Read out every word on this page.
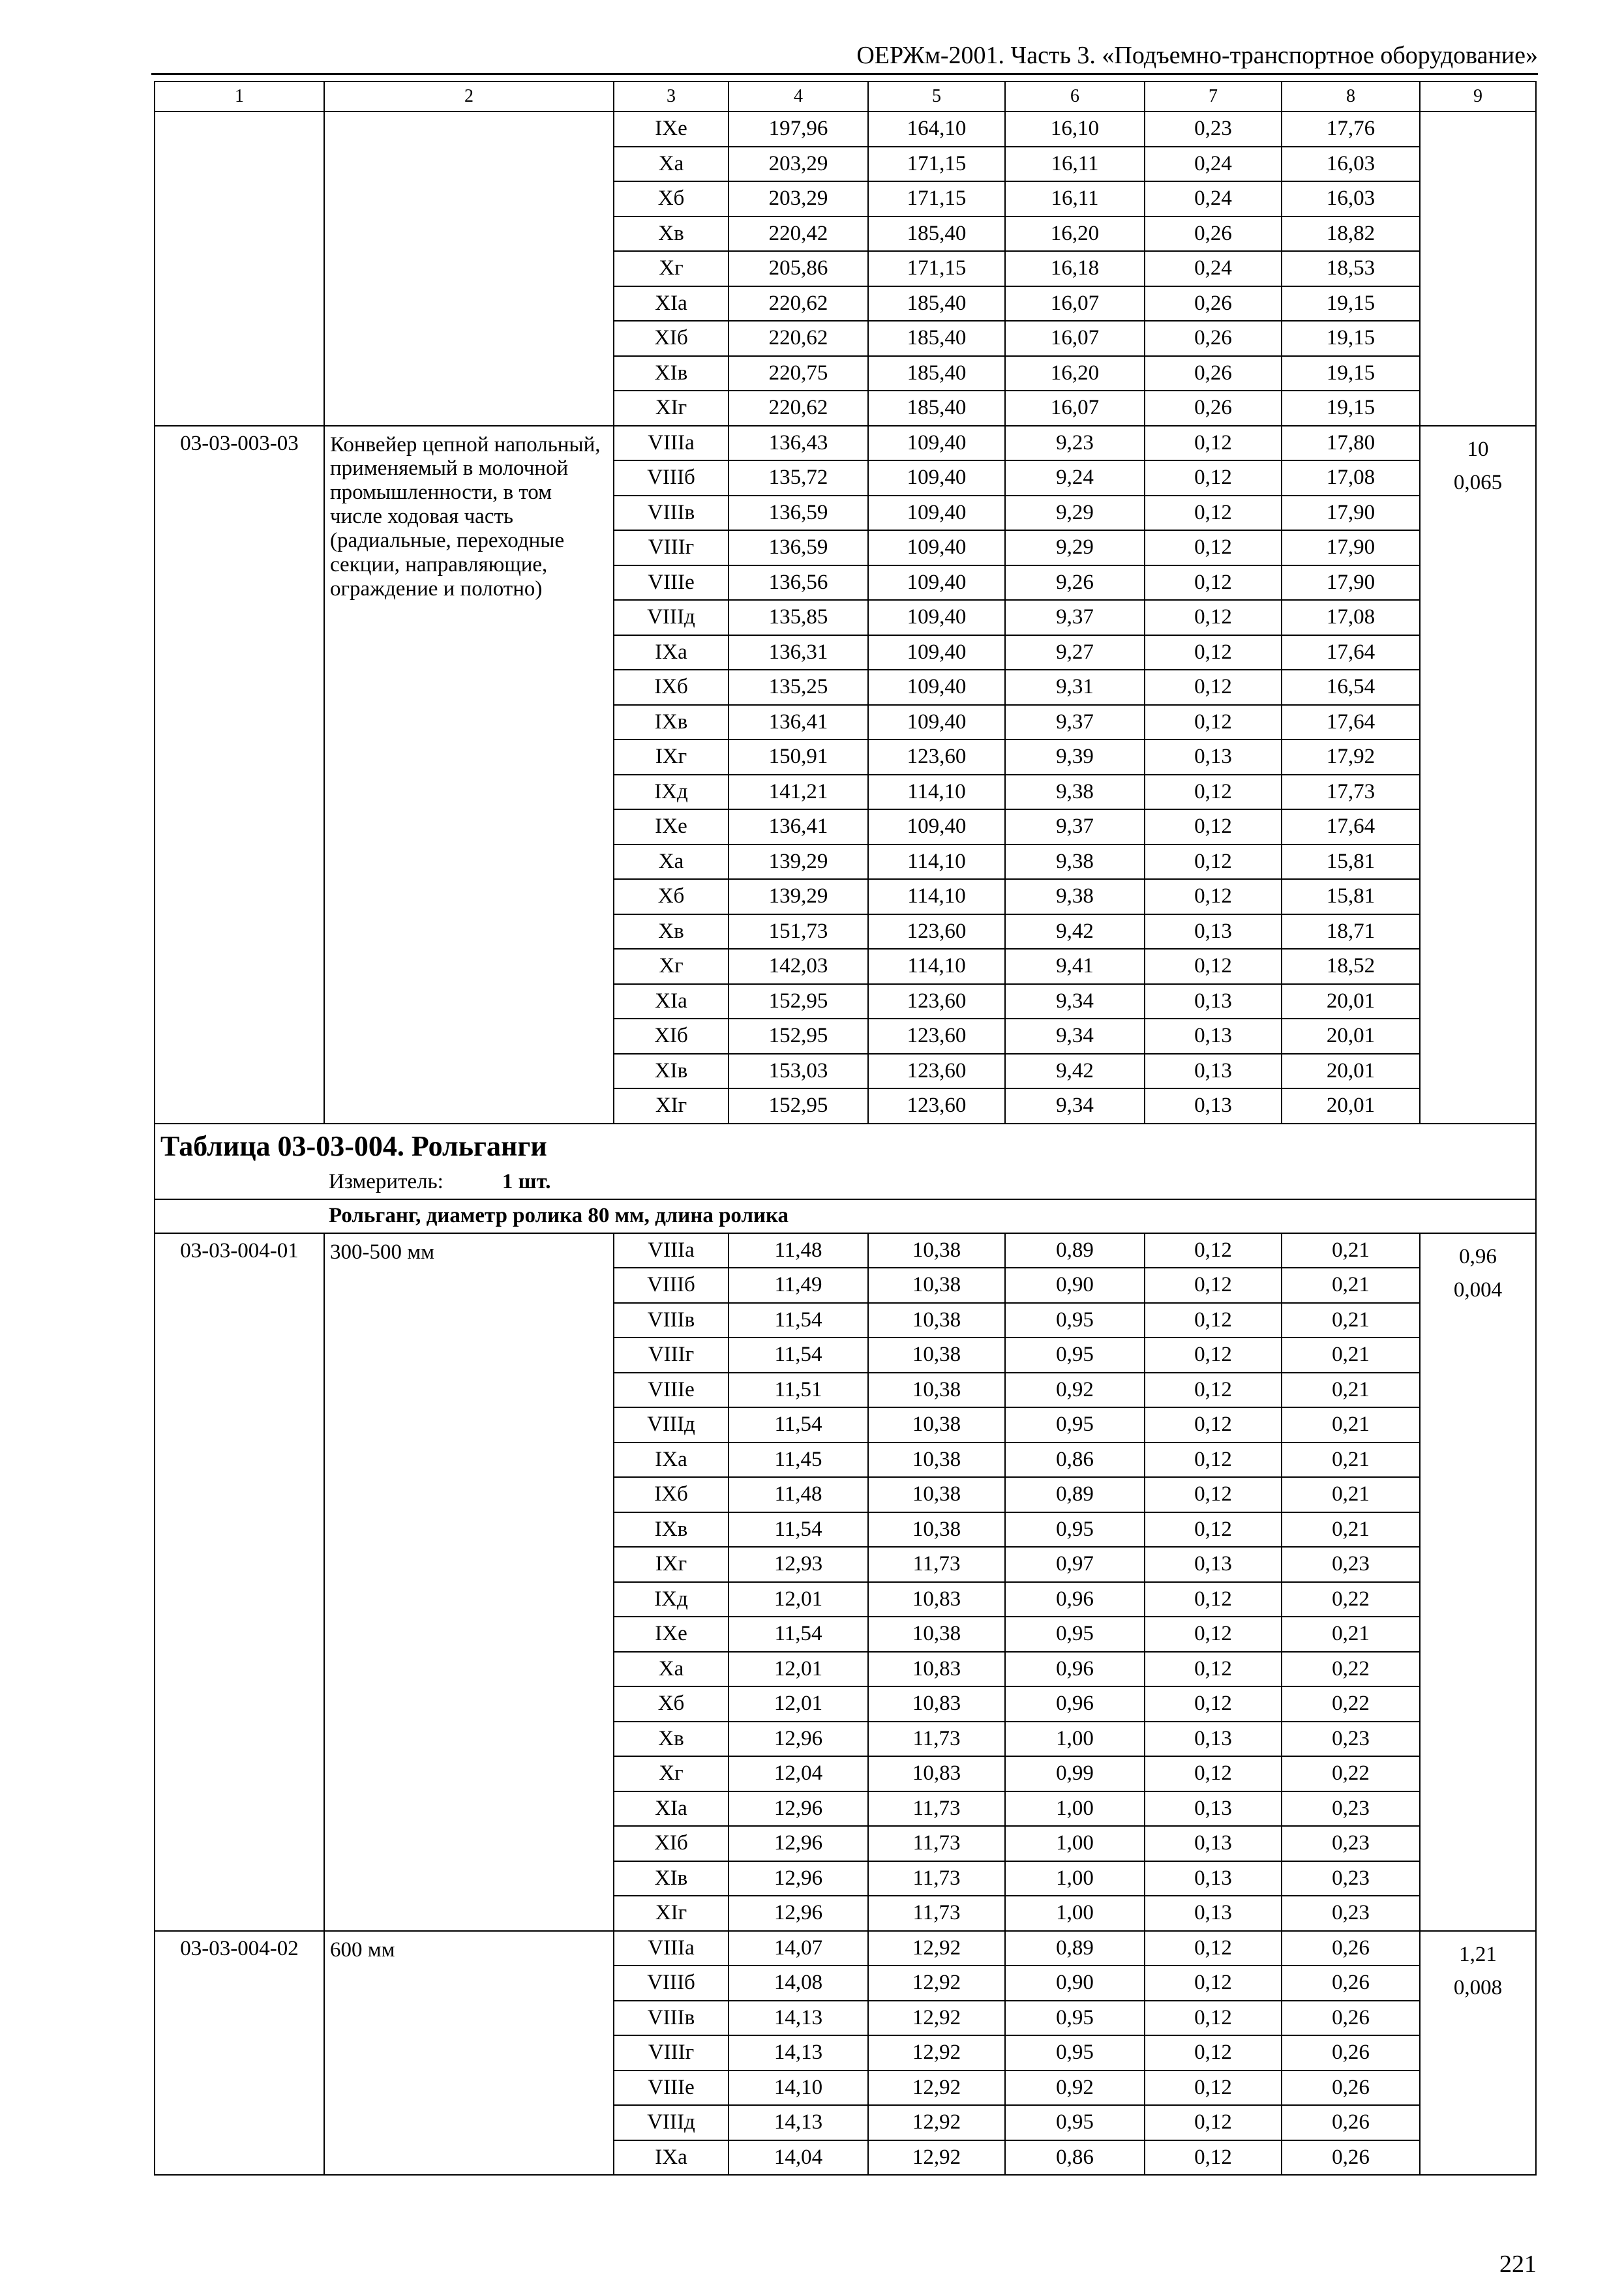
ОЕРЖм-2001. Часть 3. «Подъемно-транспортное оборудование»
1	2	3	4	5	6	7	8	9
		IXе	197,96	164,10	16,10	0,23	17,76	
		Xа	203,29	171,15	16,11	0,24	16,03	
		Xб	203,29	171,15	16,11	0,24	16,03	
		Xв	220,42	185,40	16,20	0,26	18,82	
		Xг	205,86	171,15	16,18	0,24	18,53	
		XIа	220,62	185,40	16,07	0,26	19,15	
		XIб	220,62	185,40	16,07	0,26	19,15	
		XIв	220,75	185,40	16,20	0,26	19,15	
		XIг	220,62	185,40	16,07	0,26	19,15	
03-03-003-03	Конвейер цепной напольный, применяемый в молочной промышленности, в том числе ходовая часть (радиальные, переходные секции, направляющие, ограждение и полотно)	VIIIа	136,43	109,40	9,23	0,12	17,80	10
0,065

		VIIIб	135,72	109,40	9,24	0,12	17,08	
		VIIIв	136,59	109,40	9,29	0,12	17,90	
		VIIIг	136,59	109,40	9,29	0,12	17,90	
		VIIIе	136,56	109,40	9,26	0,12	17,90	
		VIIIд	135,85	109,40	9,37	0,12	17,08	
		IXа	136,31	109,40	9,27	0,12	17,64	
		IXб	135,25	109,40	9,31	0,12	16,54	
		IXв	136,41	109,40	9,37	0,12	17,64	
		IXг	150,91	123,60	9,39	0,13	17,92	
		IXд	141,21	114,10	9,38	0,12	17,73	
		IXе	136,41	109,40	9,37	0,12	17,64	
		Xа	139,29	114,10	9,38	0,12	15,81	
		Xб	139,29	114,10	9,38	0,12	15,81	
		Xв	151,73	123,60	9,42	0,13	18,71	
		Xг	142,03	114,10	9,41	0,12	18,52	
		XIа	152,95	123,60	9,34	0,13	20,01	
		XIб	152,95	123,60	9,34	0,13	20,01	
		XIв	153,03	123,60	9,42	0,13	20,01	
		XIг	152,95	123,60	9,34	0,13	20,01	

Таблица 03-03-004. Рольганги
Измеритель: 1 шт.								

Рольганг, диаметр ролика 80 мм, длина ролика								
03-03-004-01	300-500 мм	VIIIа	11,48	10,38	0,89	0,12	0,21	0,96
0,004

		VIIIб	11,49	10,38	0,90	0,12	0,21	
		VIIIв	11,54	10,38	0,95	0,12	0,21	
		VIIIг	11,54	10,38	0,95	0,12	0,21	
		VIIIе	11,51	10,38	0,92	0,12	0,21	
		VIIIд	11,54	10,38	0,95	0,12	0,21	
		IXа	11,45	10,38	0,86	0,12	0,21	
		IXб	11,48	10,38	0,89	0,12	0,21	
		IXв	11,54	10,38	0,95	0,12	0,21	
		IXг	12,93	11,73	0,97	0,13	0,23	
		IXд	12,01	10,83	0,96	0,12	0,22	
		IXе	11,54	10,38	0,95	0,12	0,21	
		Xа	12,01	10,83	0,96	0,12	0,22	
		Xб	12,01	10,83	0,96	0,12	0,22	
		Xв	12,96	11,73	1,00	0,13	0,23	
		Xг	12,04	10,83	0,99	0,12	0,22	
		XIа	12,96	11,73	1,00	0,13	0,23	
		XIб	12,96	11,73	1,00	0,13	0,23	
		XIв	12,96	11,73	1,00	0,13	0,23	
		XIг	12,96	11,73	1,00	0,13	0,23	
03-03-004-02	600 мм	VIIIа	14,07	12,92	0,89	0,12	0,26	1,21
0,008

		VIIIб	14,08	12,92	0,90	0,12	0,26	
		VIIIв	14,13	12,92	0,95	0,12	0,26	
		VIIIг	14,13	12,92	0,95	0,12	0,26	
		VIIIе	14,10	12,92	0,92	0,12	0,26	
		VIIIд	14,13	12,92	0,95	0,12	0,26	
		IXа	14,04	12,92	0,86	0,12	0,26	
221
